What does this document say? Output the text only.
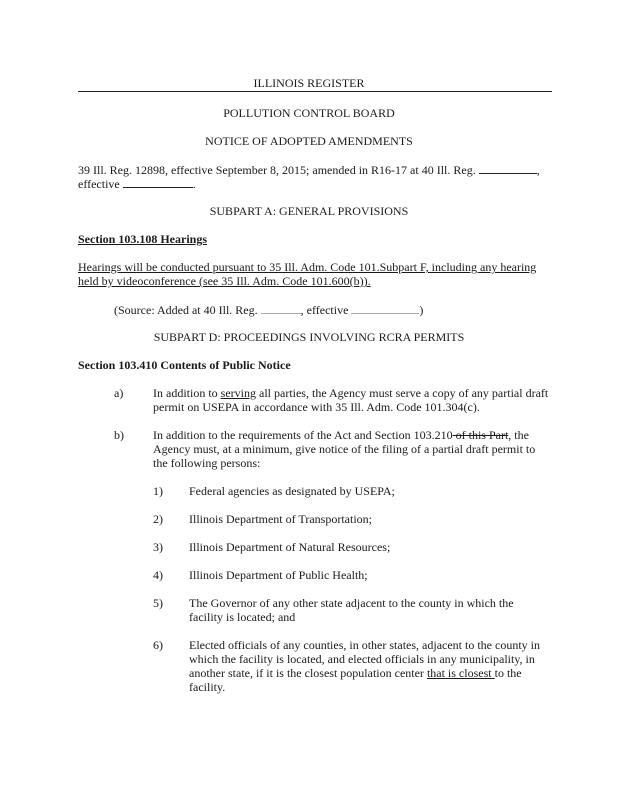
ILLINOIS REGISTER
POLLUTION CONTROL BOARD
NOTICE OF ADOPTED AMENDMENTS
39 Ill. Reg. 12898, effective September 8, 2015; amended in R16-17 at 40 Ill. Reg.	,
effective	.
SUBPART A: GENERAL PROVISIONS
Section 103.108 Hearings
Hearings will be conducted pursuant to 35 Ill. Adm. Code 101.Subpart F, including any hearing
held by videoconference (see 35 Ill. Adm. Code 101.600(b)).
(Source: Added at 40 Ill. Reg.	, effective	)
SUBPART D: PROCEEDINGS INVOLVING RCRA PERMITS
Section 103.410 Contents of Public Notice
a) In addition to serving all parties, the Agency must serve a copy of any partial draft
permit on USEPA in accordance with 35 Ill. Adm. Code 101.304(c).
b) In addition to the requirements of the Act and Section 103.210 of this Part, the
Agency must, at a minimum, give notice of the filing of a partial draft permit to
the following persons:
1) Federal agencies as designated by USEPA;
2) Illinois Department of Transportation;
3) Illinois Department of Natural Resources;
4) Illinois Department of Public Health;
5) The Governor of any other state adjacent to the county in which the
facility is located; and
6) Elected officials of any counties, in other states, adjacent to the county in
which the facility is located, and elected officials in any municipality, in
another state, if it is the closest population center that is closest to the
facility.
